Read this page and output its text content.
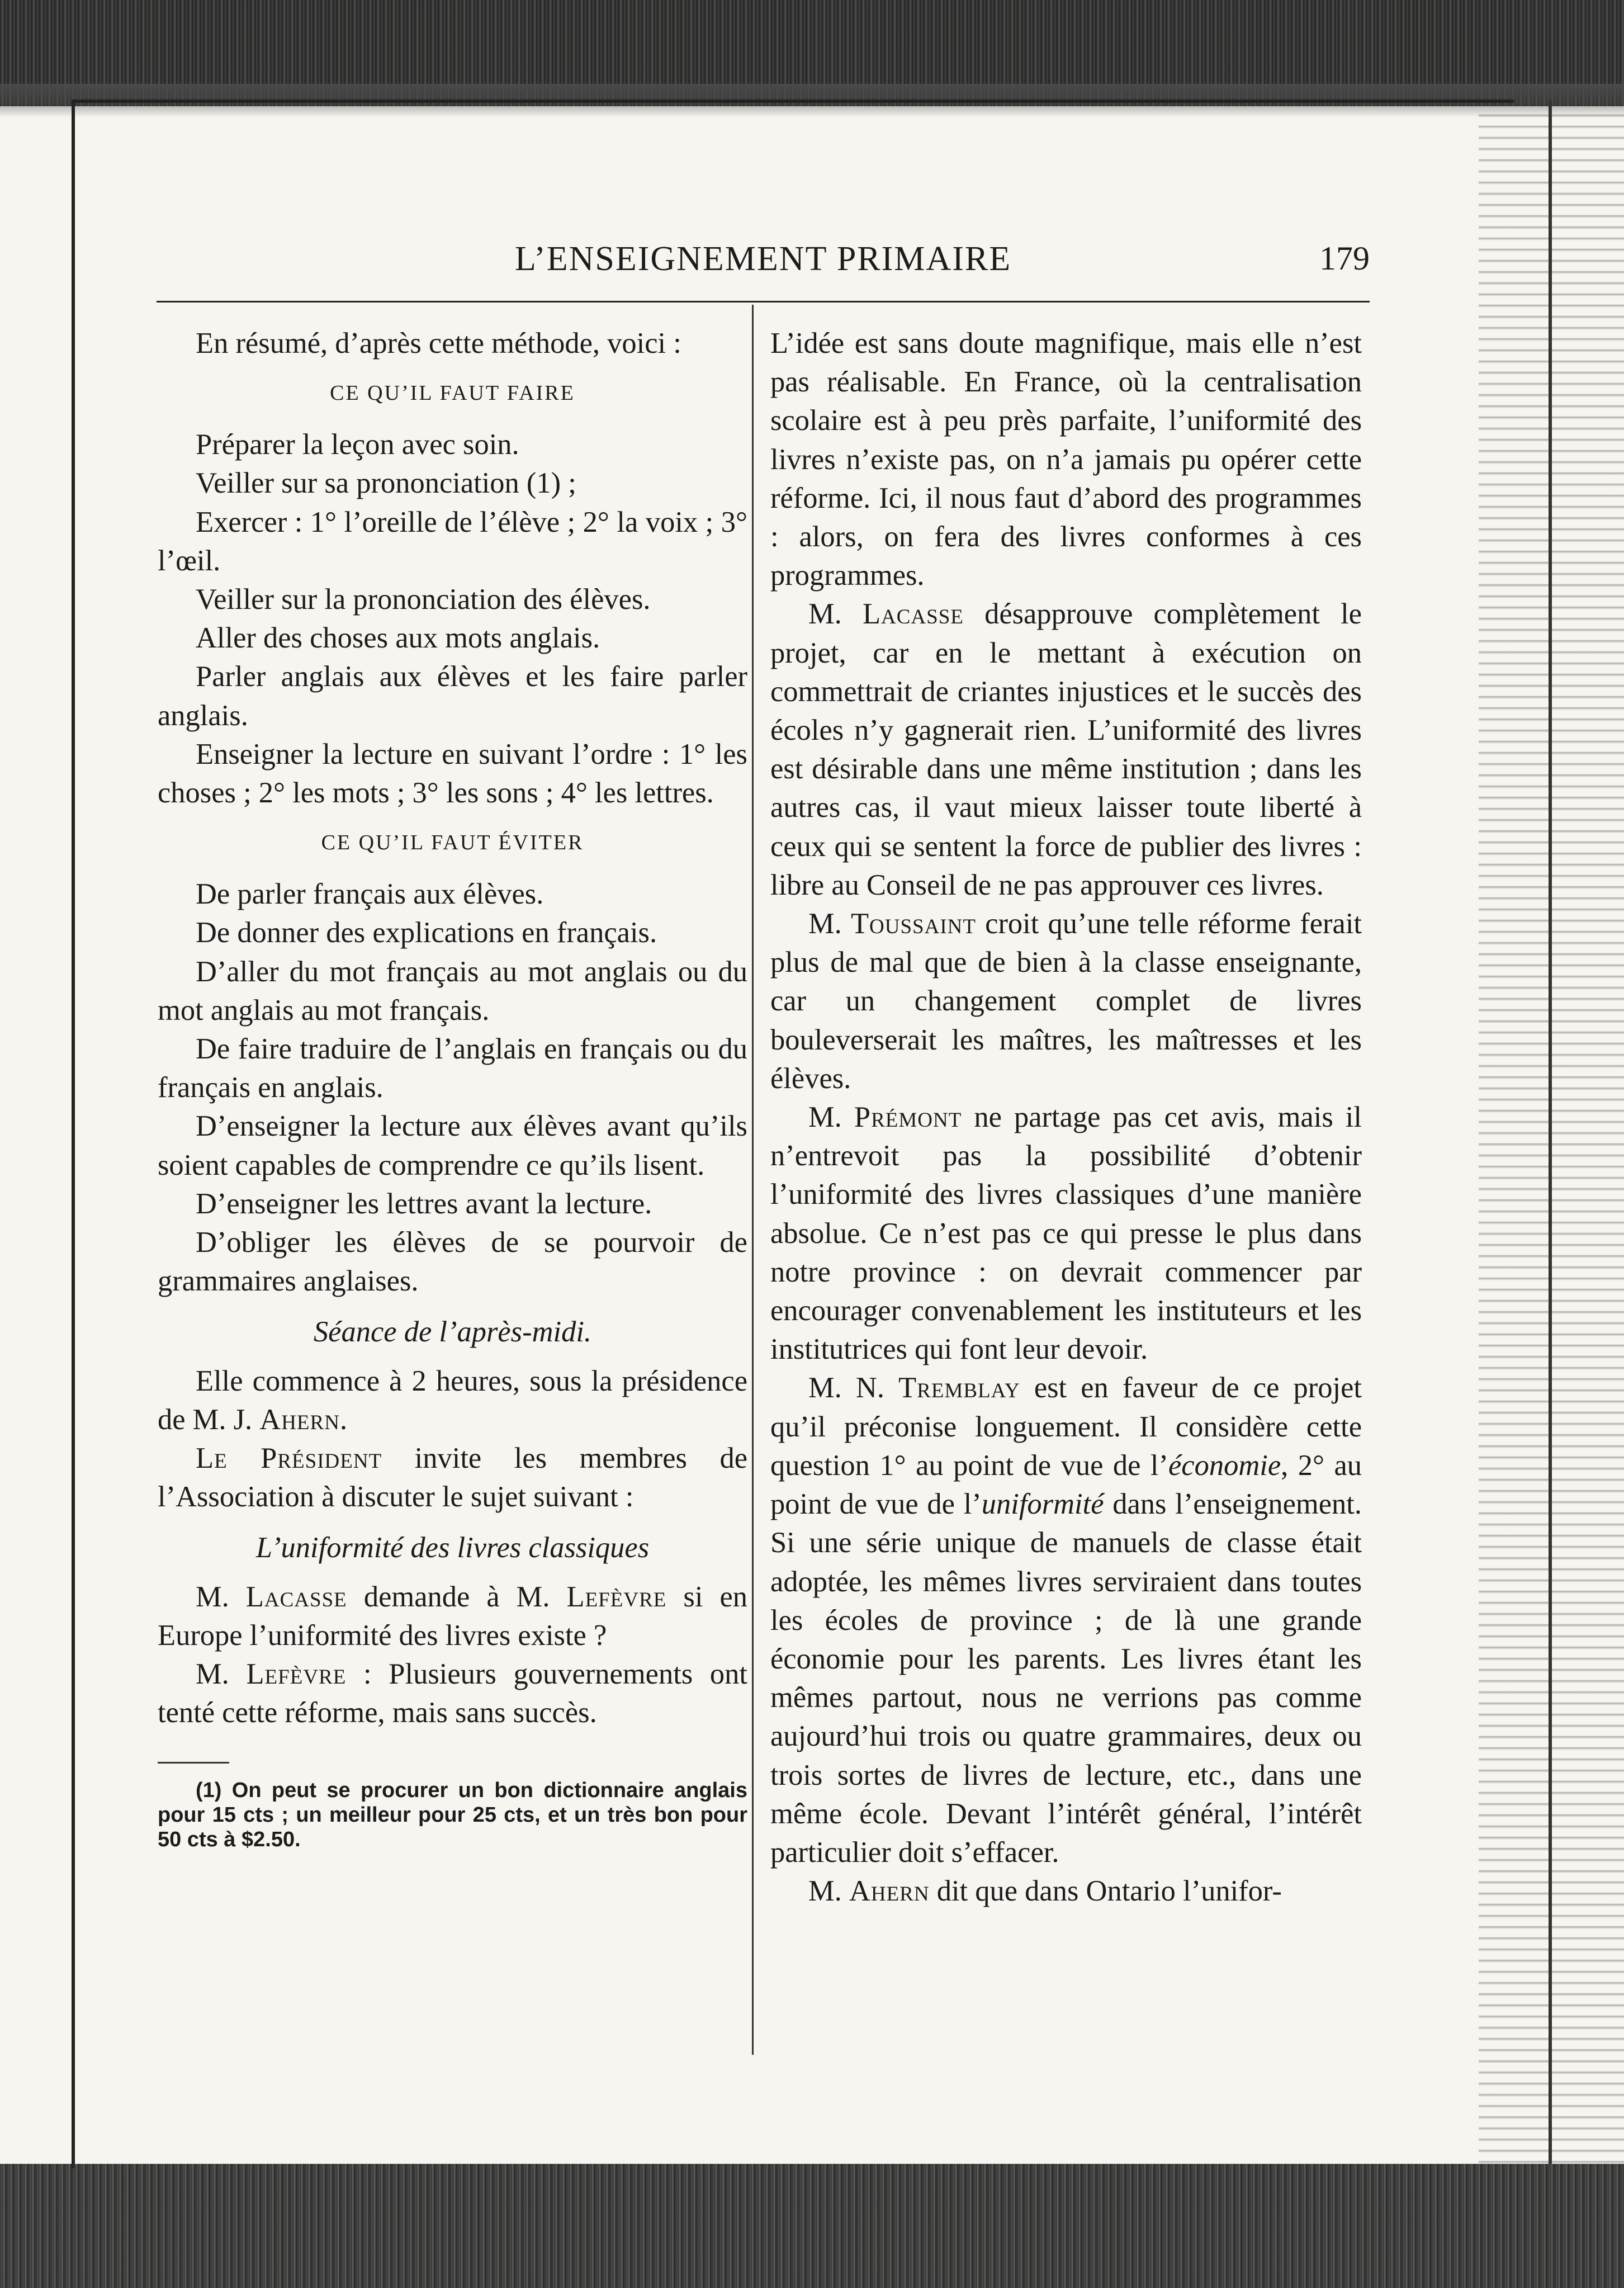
L’ENSEIGNEMENT PRIMAIRE	179

En résumé, d’après cette méthode, voici :

CE QU’IL FAUT FAIRE

Préparer la leçon avec soin.

Veiller sur sa prononciation (1) ;

Exercer : 1° l’oreille de l’élève ; 2° la voix ; 3° l’œil.

Veiller sur la prononciation des élèves.

Aller des choses aux mots anglais.

Parler anglais aux élèves et les faire parler anglais.

Enseigner la lecture en suivant l’ordre : 1° les choses ; 2° les mots ; 3° les sons ; 4° les lettres.

CE QU’IL FAUT ÉVITER

De parler français aux élèves.

De donner des explications en français.

D’aller du mot français au mot anglais ou du mot anglais au mot français.

De faire traduire de l’anglais en français ou du français en anglais.

D’enseigner la lecture aux élèves avant qu’ils soient capables de comprendre ce qu’ils lisent.

D’enseigner les lettres avant la lecture.

D’obliger les élèves de se pourvoir de grammaires anglaises.

Séance de l’après-midi.

Elle commence à 2 heures, sous la présidence de M. J. Ahern.

Le Président invite les membres de l’Association à discuter le sujet suivant :

L’uniformité des livres classiques

M. Lacasse demande à M. Lefèvre si en Europe l’uniformité des livres existe ?

M. Lefèvre : Plusieurs gouvernements ont tenté cette réforme, mais sans succès.

(1) On peut se procurer un bon dictionnaire anglais pour 15 cts ; un meilleur pour 25 cts, et un très bon pour 50 cts à $2.50.

L’idée est sans doute magnifique, mais elle n’est pas réalisable. En France, où la centralisation scolaire est à peu près parfaite, l’uniformité des livres n’existe pas, on n’a jamais pu opérer cette réforme. Ici, il nous faut d’abord des programmes : alors, on fera des livres conformes à ces programmes.

M. Lacasse désapprouve complètement le projet, car en le mettant à exécution on commettrait de criantes injustices et le succès des écoles n’y gagnerait rien. L’uniformité des livres est désirable dans une même institution ; dans les autres cas, il vaut mieux laisser toute liberté à ceux qui se sentent la force de publier des livres : libre au Conseil de ne pas approuver ces livres.

M. Toussaint croit qu’une telle réforme ferait plus de mal que de bien à la classe enseignante, car un changement complet de livres bouleverserait les maîtres, les maîtresses et les élèves.

M. Prémont ne partage pas cet avis, mais il n’entrevoit pas la possibilité d’obtenir l’uniformité des livres classiques d’une manière absolue. Ce n’est pas ce qui presse le plus dans notre province : on devrait commencer par encourager convenablement les instituteurs et les institutrices qui font leur devoir.

M. N. Tremblay est en faveur de ce projet qu’il préconise longuement. Il considère cette question 1° au point de vue de l’économie, 2° au point de vue de l’uniformité dans l’enseignement. Si une série unique de manuels de classe était adoptée, les mêmes livres serviraient dans toutes les écoles de province ; de là une grande économie pour les parents. Les livres étant les mêmes partout, nous ne verrions pas comme aujourd’hui trois ou quatre grammaires, deux ou trois sortes de livres de lecture, etc., dans une même école. Devant l’intérêt général, l’intérêt particulier doit s’effacer.

M. Ahern dit que dans Ontario l’unifor-
